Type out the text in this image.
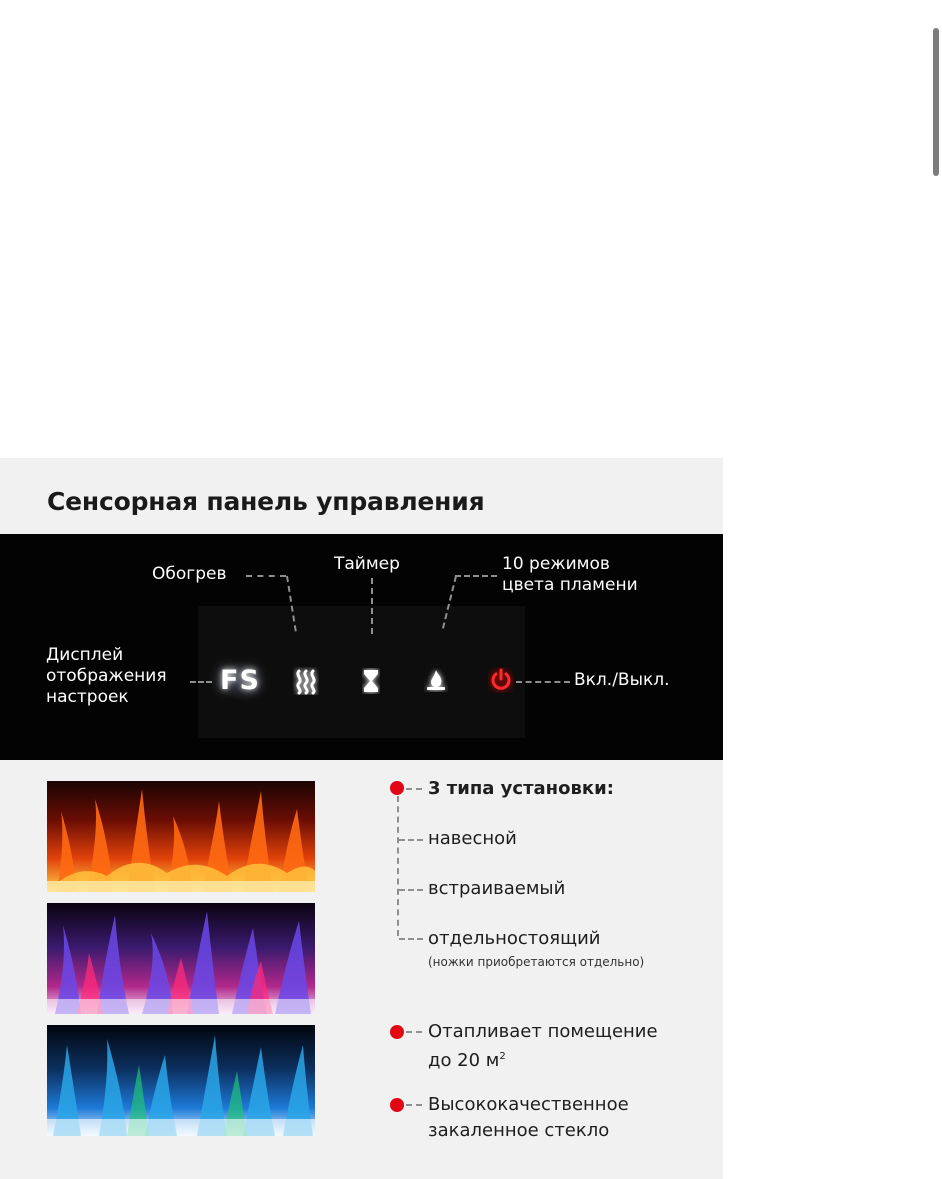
Сенсорная панель управления
Обогрев	Таймер	10 режимов
цвета пламени
Дисплей
отображения
настроек
Вкл./Выкл.
FS
3 типа установки:
навесной
встраиваемый
отдельностоящий
(ножки приобретаются отдельно)
Отапливает помещение
до 20 $м^2$
Высококачественное
закаленное стекло
